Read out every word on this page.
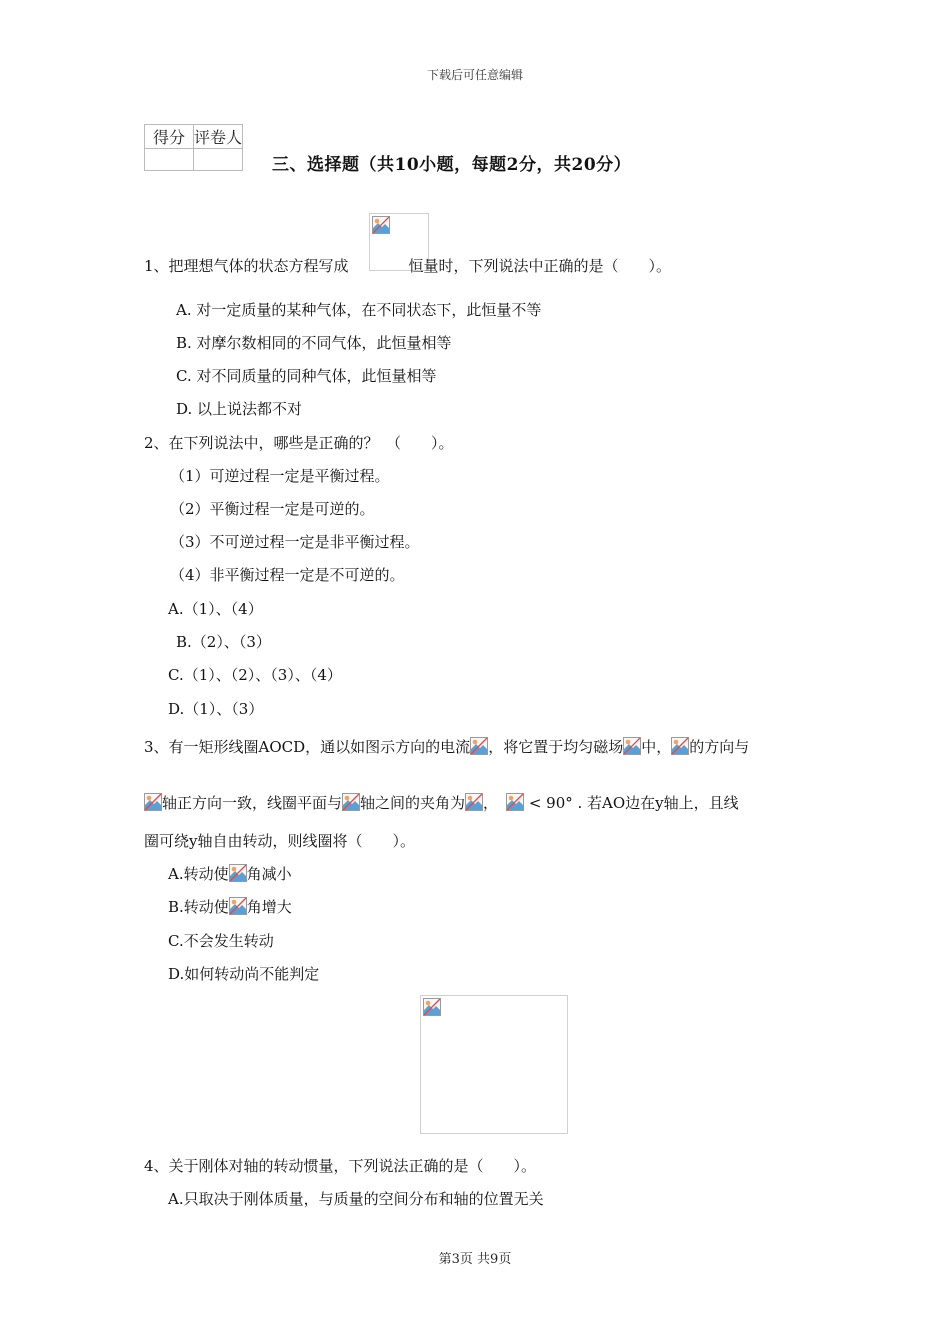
下载后可任意编辑
得分	评卷人

三、选择题（共10小题，每题2分，共20分）
1、把理想气体的状态方程写成	恒量时，下列说法中正确的是（　　）。
A. 对一定质量的某种气体，在不同状态下，此恒量不等
B. 对摩尔数相同的不同气体，此恒量相等
C. 对不同质量的同种气体，此恒量相等
D. 以上说法都不对
2、在下列说法中，哪些是正确的？　（　　）。
（1）可逆过程一定是平衡过程。
（2）平衡过程一定是可逆的。
（3）不可逆过程一定是非平衡过程。
（4）非平衡过程一定是不可逆的。
A.（1）、（4）
B.（2）、（3）
C.（1）、（2）、（3）、（4）
D.（1）、（3）
3、有一矩形线圈AOCD，通以如图示方向的电流 ，将它置于均匀磁场 中， 的方向与
轴正方向一致，线圈平面与 轴之间的夹角为 ，
< 90° . 若AO边在y轴上，且线
圈可绕y轴自由转动，则线圈将（　　）。
A.转动使 角减小
B.转动使 角增大
C.不会发生转动
D.如何转动尚不能判定
4、关于刚体对轴的转动惯量，下列说法正确的是（　　）。
A.只取决于刚体质量，与质量的空间分布和轴的位置无关
第3页 共9页
